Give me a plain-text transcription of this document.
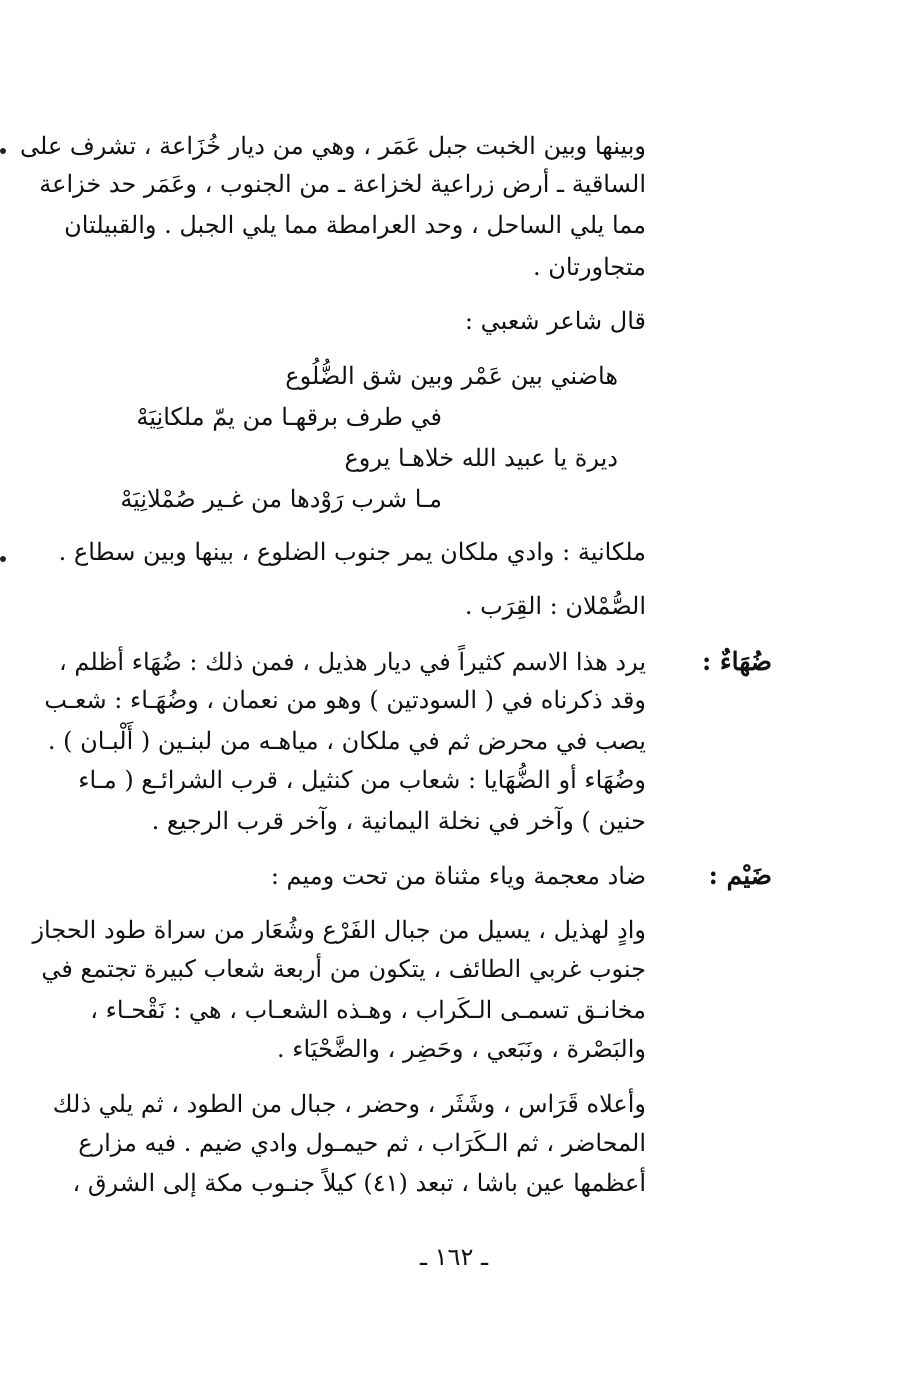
وبينها وبين الخبت جبل عَمَر ، وهي من ديار خُزَاعة ، تشرف على
الساقية ـ أرض زراعية لخزاعة ـ من الجنوب ، وعَمَر حد خزاعة
مما يلي الساحل ، وحد العرامطة مما يلي الجبل . والقبيلتان
متجاورتان .
قال شاعر شعبي :
هاضني بين عَمْر وبين شق الضُّلُوع
في طرف برقهـا من يمّ ملكانِيَهْ
ديرة يا عبيد الله خلاهـا يروع
مـا شرب رَوْدها من غـير صُمْلانِيَهْ
ملكانية : وادي ملكان يمر جنوب الضلوع ، بينها وبين سطاع .
الصُّمْلان : القِرَب .
ضُهَاءٌ :
يرد هذا الاسم كثيراً في ديار هذيل ، فمن ذلك : ضُهَاء أظلم ،
وقد ذكرناه في ( السودتين ) وهو من نعمان ، وضُهَـاء : شعـب
يصب في محرض ثم في ملكان ، مياهـه من لبنـين ( أَلْبـان ) .
وضُهَاء أو الضُّهَايا : شعاب من كنثيل ، قرب الشرائـع ( مـاء
حنين ) وآخر في نخلة اليمانية ، وآخر قرب الرجيع .
ضَيْم :
ضاد معجمة وياء مثناة من تحت وميم :
وادٍ لهذيل ، يسيل من جبال الفَرْع وشُعَار من سراة طود الحجاز
جنوب غربي الطائف ، يتكون من أربعة شعاب كبيرة تجتمع في
مخانـق تسمـى الـكَراب ، وهـذه الشعـاب ، هي : نَقْحـاء ،
والبَصْرة ، ونَبَعي ، وحَضِر ، والضَّحْيَاء .
وأعلاه قَرَاس ، وشَثَر ، وحضر ، جبال من الطود ، ثم يلي ذلك
المحاضر ، ثم الـكَرَاب ، ثم حيمـول وادي ضيم . فيه مزارع
أعظمها عين باشا ، تبعد (٤١) كيلاً جنـوب مكة إلى الشرق ،
ـ ١٦٢ ـ
